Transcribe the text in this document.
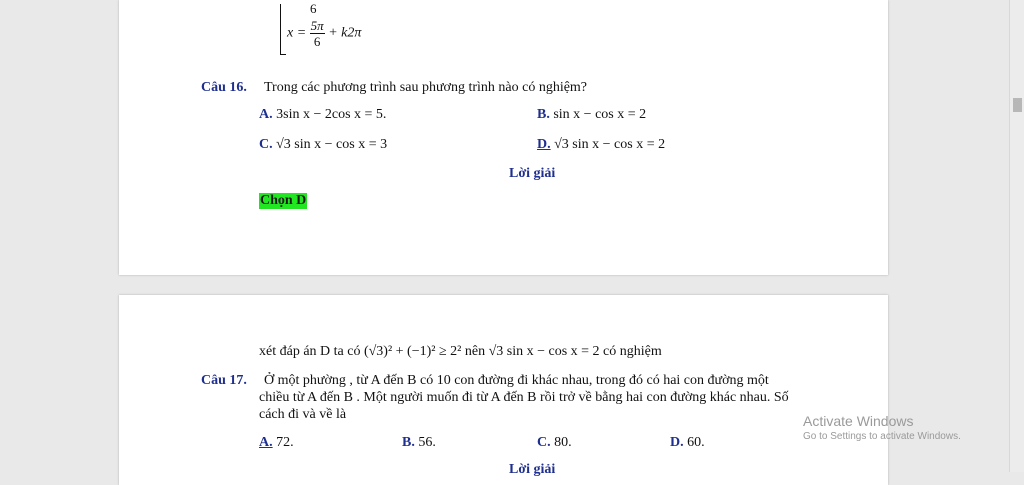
6
$x = \frac{5\pi}{6} + k2\pi$
Câu 16. Trong các phương trình sau phương trình nào có nghiệm?
A. 3sin x − 2cos x = 5.	B. sin x − cos x = 2
C. √3 sin x − cos x = 3	D. √3 sin x − cos x = 2
Lời giải
Chọn D
xét đáp án D ta có (√3)² + (−1)² ≥ 2² nên √3 sin x − cos x = 2 có nghiệm
Câu 17. Ở một phường , từ A đến B có 10 con đường đi khác nhau, trong đó có hai con đường một
chiều từ A đến B . Một người muốn đi từ A đến B rồi trở về bằng hai con đường khác nhau. Số
cách đi và về là
A. 72.	B. 56.	C. 80.	D. 60.
Lời giải
Activate Windows
Go to Settings to activate Windows.
